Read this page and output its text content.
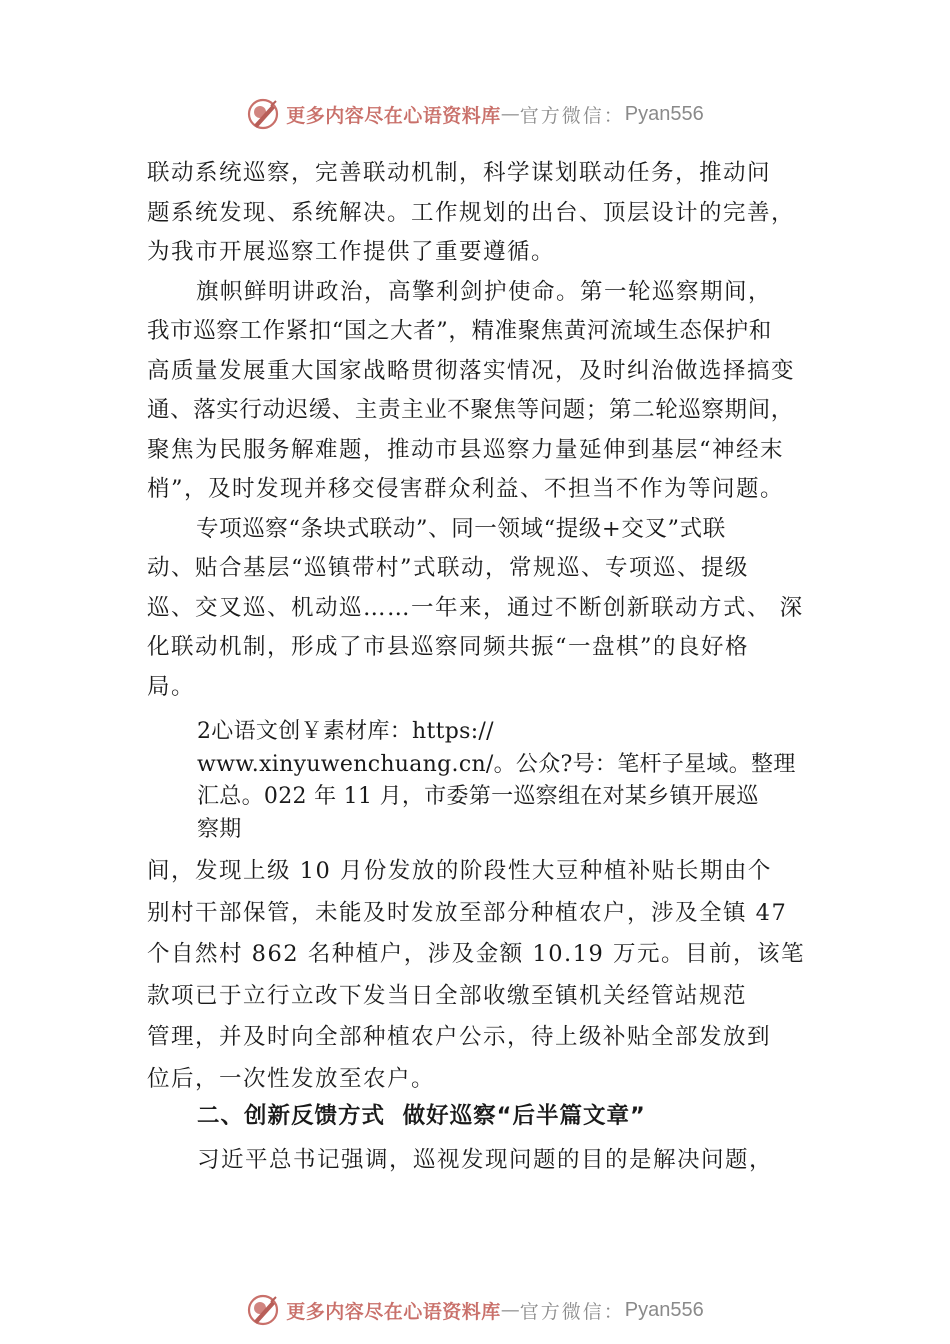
更多内容尽在心语资料库 — 官方微信： Pyan556
联动系统巡察，完善联动机制，科学谋划联动任务，推动问
题系统发现、系统解决。工作规划的出台、顶层设计的完善，
为我市开展巡察工作提供了重要遵循。
旗帜鲜明讲政治，高擎利剑护使命。第一轮巡察期间，
我市巡察工作紧扣“国之大者”，精准聚焦黄河流域生态保护和
高质量发展重大国家战略贯彻落实情况，及时纠治做选择搞变
通、落实行动迟缓、主责主业不聚焦等问题；第二轮巡察期间，
聚焦为民服务解难题，推动市县巡察力量延伸到基层“神经末
梢”，及时发现并移交侵害群众利益、不担当不作为等问题。
专项巡察“条块式联动”、同一领域“提级+交叉”式联
动、贴合基层“巡镇带村”式联动，常规巡、专项巡、提级
巡、交叉巡、机动巡……一年来，通过不断创新联动方式、 深
化联动机制，形成了市县巡察同频共振“一盘棋”的良好格
局。
2心语文创￥素材库：https://
www.xinyuwenchuang.cn/。公众?号：笔杆子星域。整理
汇总。022 年 11 月，市委第一巡察组在对某乡镇开展巡
察期
间，发现上级 10 月份发放的阶段性大豆种植补贴长期由个
别村干部保管，未能及时发放至部分种植农户，涉及全镇 47
个自然村 862 名种植户，涉及金额 10.19 万元。目前，该笔
款项已于立行立改下发当日全部收缴至镇机关经管站规范
管理，并及时向全部种植农户公示，待上级补贴全部发放到
位后，一次性发放至农户。
二、创新反馈方式  做好巡察“后半篇文章”
习近平总书记强调，巡视发现问题的目的是解决问题，
更多内容尽在心语资料库 — 官方微信： Pyan556
